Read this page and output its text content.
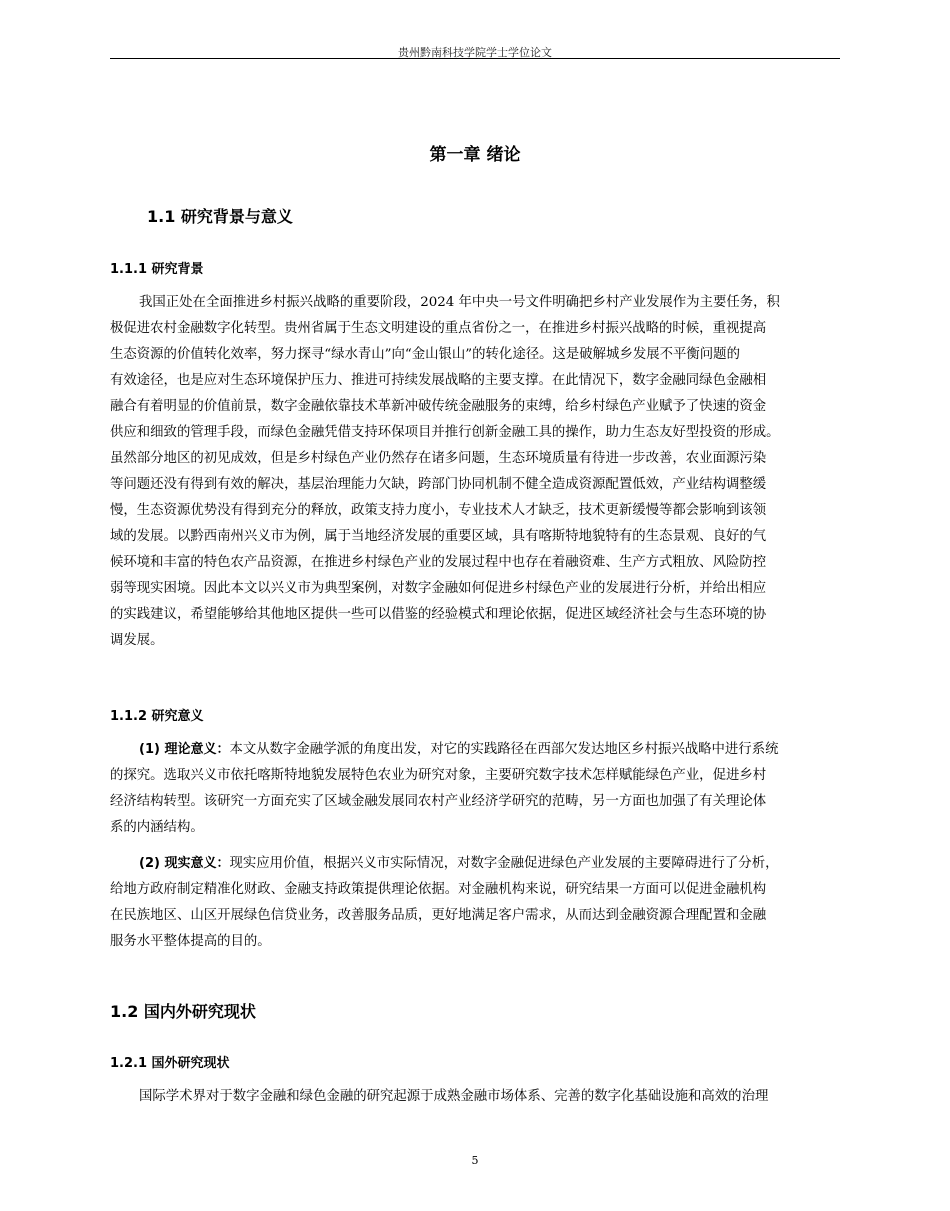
贵州黔南科技学院学士学位论文
第一章 绪论
1.1 研究背景与意义
1.1.1 研究背景
我国正处在全面推进乡村振兴战略的重要阶段，2024 年中央一号文件明确把乡村产业发展作为主要任务，积
极促进农村金融数字化转型。贵州省属于生态文明建设的重点省份之一，在推进乡村振兴战略的时候，重视提高
生态资源的价值转化效率，努力探寻“绿水青山”向“金山银山”的转化途径。这是破解城乡发展不平衡问题的
有效途径，也是应对生态环境保护压力、推进可持续发展战略的主要支撑。在此情况下，数字金融同绿色金融相
融合有着明显的价值前景，数字金融依靠技术革新冲破传统金融服务的束缚，给乡村绿色产业赋予了快速的资金
供应和细致的管理手段，而绿色金融凭借支持环保项目并推行创新金融工具的操作，助力生态友好型投资的形成。
虽然部分地区的初见成效，但是乡村绿色产业仍然存在诸多问题，生态环境质量有待进一步改善，农业面源污染
等问题还没有得到有效的解决，基层治理能力欠缺，跨部门协同机制不健全造成资源配置低效，产业结构调整缓
慢，生态资源优势没有得到充分的释放，政策支持力度小，专业技术人才缺乏，技术更新缓慢等都会影响到该领
域的发展。以黔西南州兴义市为例，属于当地经济发展的重要区域，具有喀斯特地貌特有的生态景观、良好的气
候环境和丰富的特色农产品资源，在推进乡村绿色产业的发展过程中也存在着融资难、生产方式粗放、风险防控
弱等现实困境。因此本文以兴义市为典型案例，对数字金融如何促进乡村绿色产业的发展进行分析，并给出相应
的实践建议，希望能够给其他地区提供一些可以借鉴的经验模式和理论依据，促进区域经济社会与生态环境的协
调发展。
1.1.2 研究意义
(1) 理论意义：本文从数字金融学派的角度出发，对它的实践路径在西部欠发达地区乡村振兴战略中进行系统
的探究。选取兴义市依托喀斯特地貌发展特色农业为研究对象，主要研究数字技术怎样赋能绿色产业，促进乡村
经济结构转型。该研究一方面充实了区域金融发展同农村产业经济学研究的范畴，另一方面也加强了有关理论体
系的内涵结构。
(2) 现实意义：现实应用价值，根据兴义市实际情况，对数字金融促进绿色产业发展的主要障碍进行了分析，
给地方政府制定精准化财政、金融支持政策提供理论依据。对金融机构来说，研究结果一方面可以促进金融机构
在民族地区、山区开展绿色信贷业务，改善服务品质，更好地满足客户需求，从而达到金融资源合理配置和金融
服务水平整体提高的目的。
1.2 国内外研究现状
1.2.1 国外研究现状
国际学术界对于数字金融和绿色金融的研究起源于成熟金融市场体系、完善的数字化基础设施和高效的治理
5
